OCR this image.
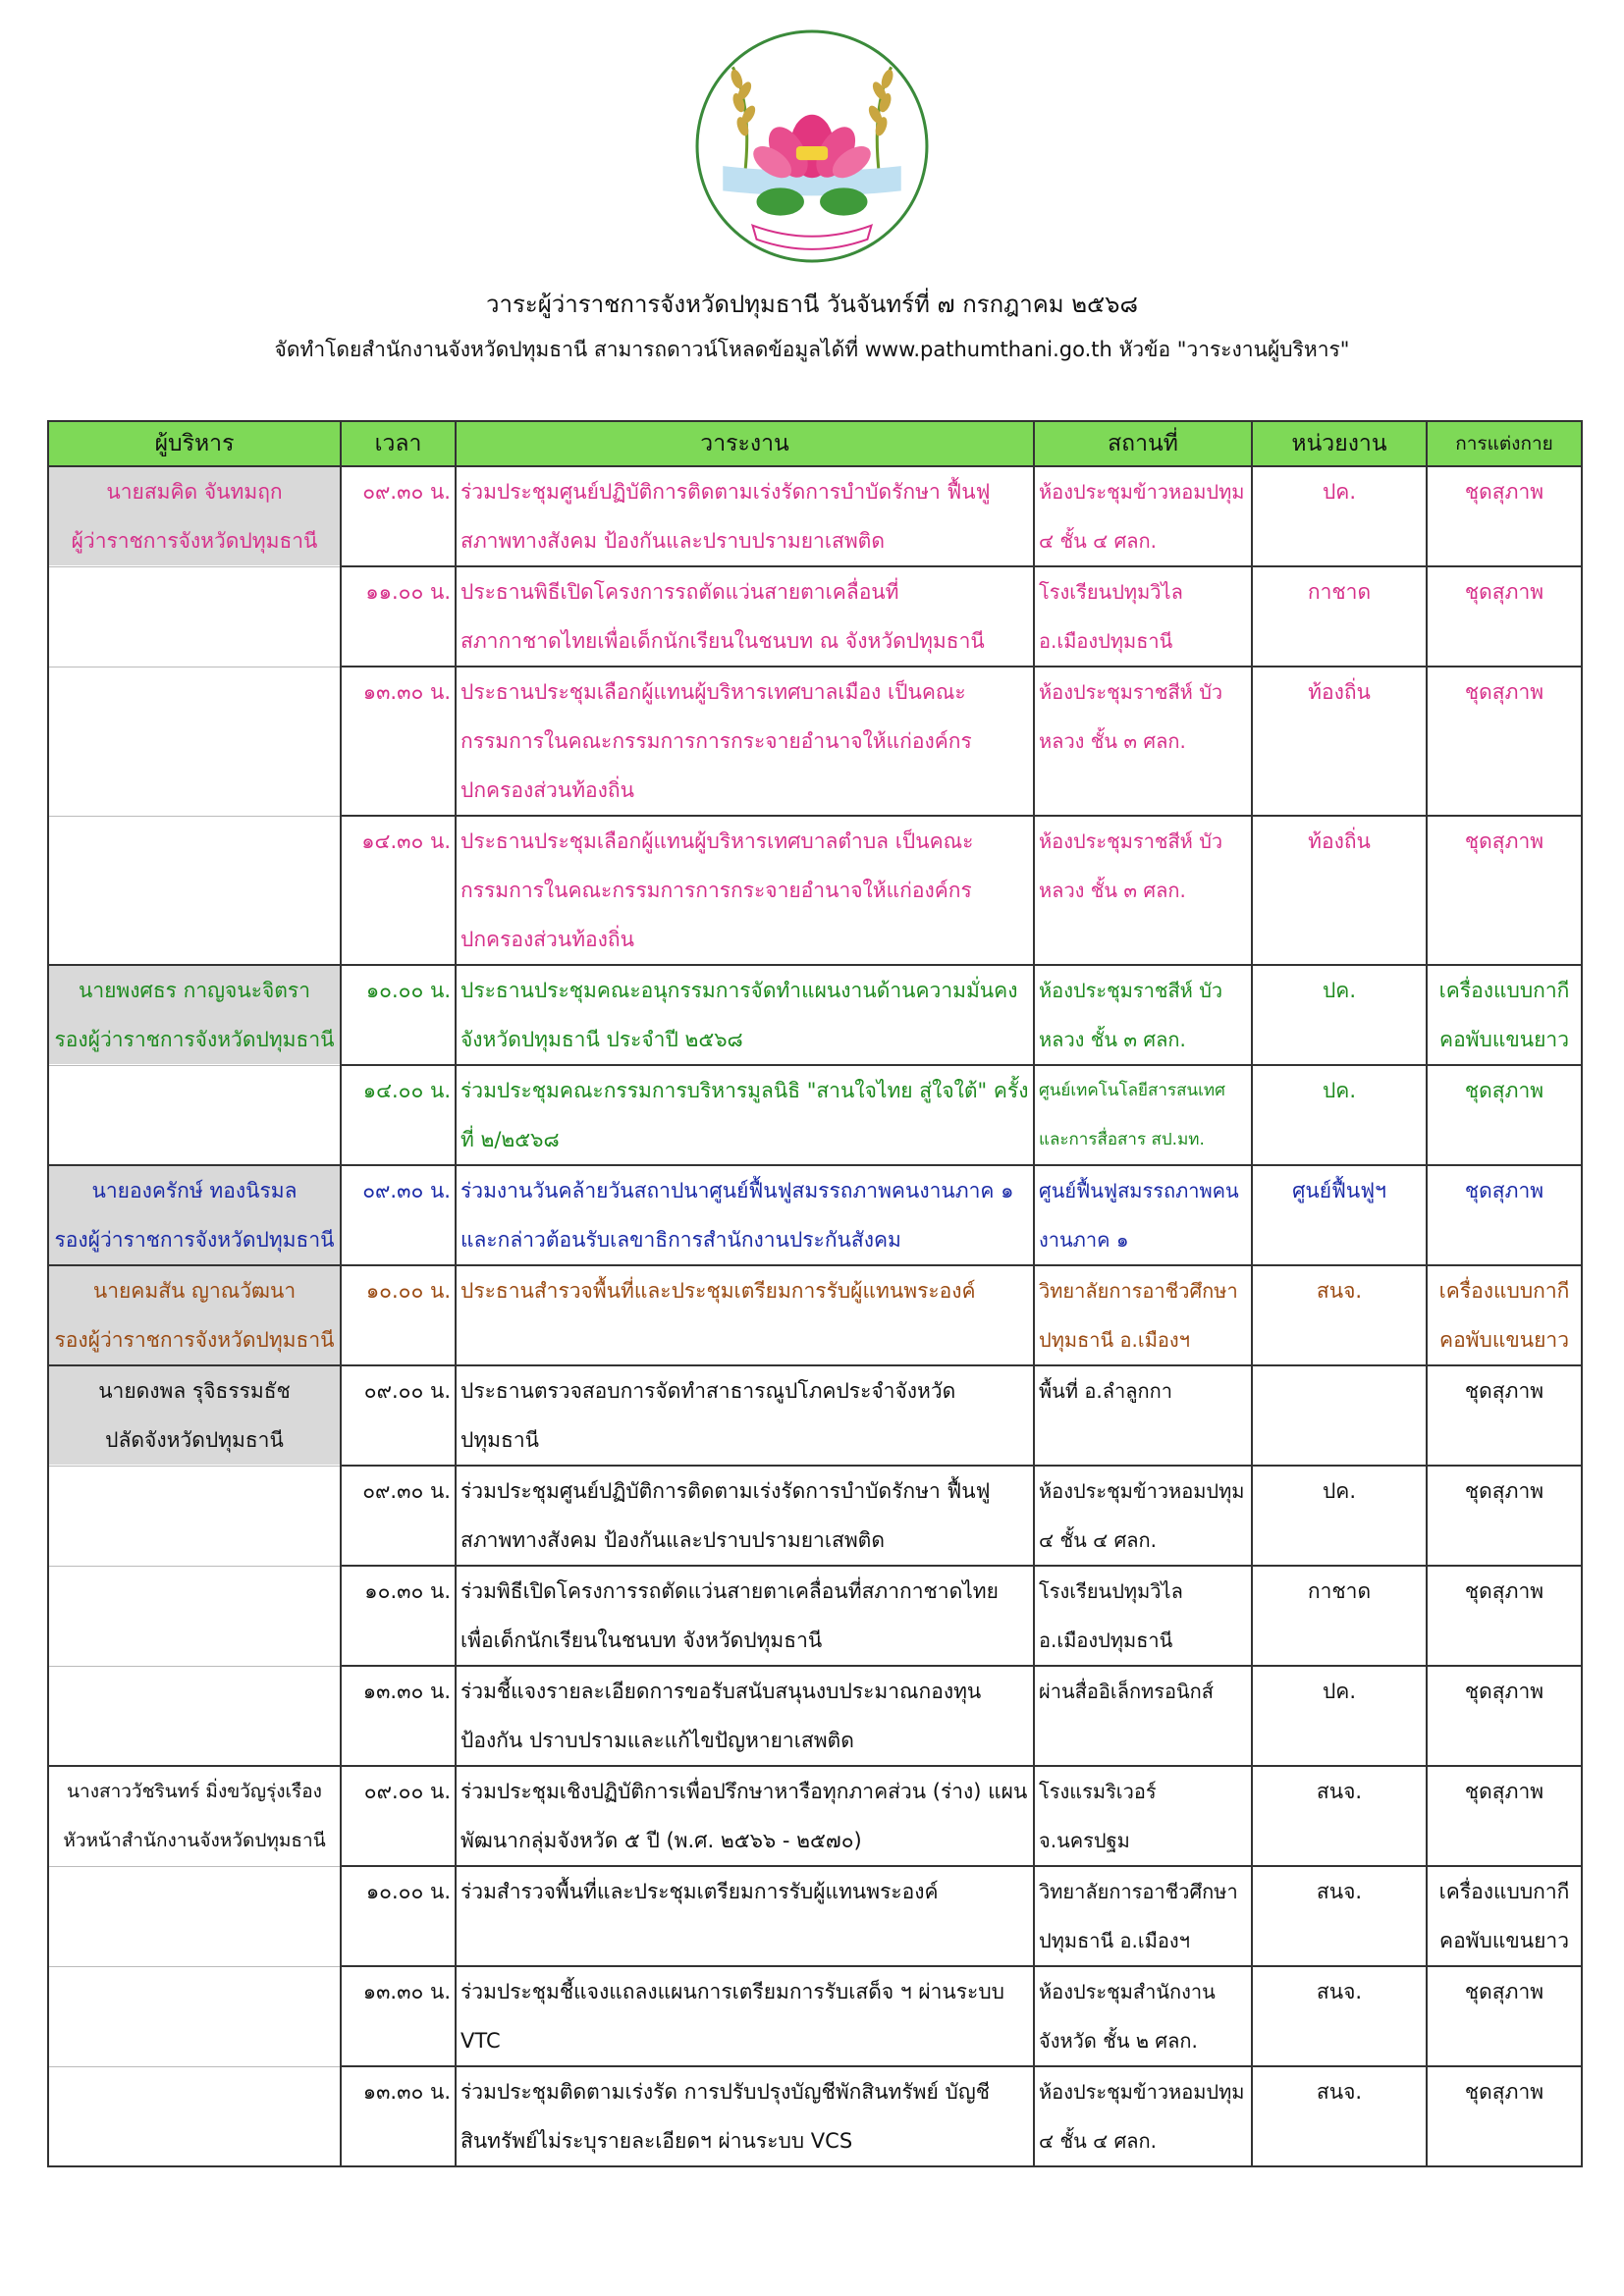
วาระผู้ว่าราชการจังหวัดปทุมธานี วันจันทร์ที่ ๗ กรกฎาคม ๒๕๖๘
จัดทำโดยสำนักงานจังหวัดปทุมธานี สามารถดาวน์โหลดข้อมูลได้ที่ www.pathumthani.go.th หัวข้อ "วาระงานผู้บริหาร"
ผู้บริหาร	เวลา	วาระงาน	สถานที่	หน่วยงาน	การแต่งกาย

นายสมคิด จันทมฤก
ผู้ว่าราชการจังหวัดปทุมธานี	๐๙.๓๐ น.	ร่วมประชุมศูนย์ปฏิบัติการติดตามเร่งรัดการบำบัดรักษา ฟื้นฟูสภาพทางสังคม ป้องกันและปราบปรามยาเสพติด	ห้องประชุมข้าวหอมปทุม ๔ ชั้น ๔ ศลก.	ปค.	ชุดสุภาพ
	๑๑.๐๐ น.	ประธานพิธีเปิดโครงการรถตัดแว่นสายตาเคลื่อนที่สภากาชาดไทยเพื่อเด็กนักเรียนในชนบท ณ จังหวัดปทุมธานี	โรงเรียนปทุมวิไล อ.เมืองปทุมธานี	กาชาด	ชุดสุภาพ
	๑๓.๓๐ น.	ประธานประชุมเลือกผู้แทนผู้บริหารเทศบาลเมือง เป็นคณะกรรมการในคณะกรรมการการกระจายอำนาจให้แก่องค์กรปกครองส่วนท้องถิ่น	ห้องประชุมราชสีห์ บัวหลวง ชั้น ๓ ศลก.	ท้องถิ่น	ชุดสุภาพ
	๑๔.๓๐ น.	ประธานประชุมเลือกผู้แทนผู้บริหารเทศบาลตำบล เป็นคณะกรรมการในคณะกรรมการการกระจายอำนาจให้แก่องค์กรปกครองส่วนท้องถิ่น	ห้องประชุมราชสีห์ บัวหลวง ชั้น ๓ ศลก.	ท้องถิ่น	ชุดสุภาพ

นายพงศธร กาญจนะจิตรา
รองผู้ว่าราชการจังหวัดปทุมธานี	๑๐.๐๐ น.	ประธานประชุมคณะอนุกรรมการจัดทำแผนงานด้านความมั่นคงจังหวัดปทุมธานี ประจำปี ๒๕๖๘	ห้องประชุมราชสีห์ บัวหลวง ชั้น ๓ ศลก.	ปค.	เครื่องแบบกากีคอพับแขนยาว
	๑๔.๐๐ น.	ร่วมประชุมคณะกรรมการบริหารมูลนิธิ "สานใจไทย สู่ใจใต้" ครั้งที่ ๒/๒๕๖๘	ศูนย์เทคโนโลยีสารสนเทศและการสื่อสาร สป.มท.	ปค.	ชุดสุภาพ

นายองครักษ์ ทองนิรมล
รองผู้ว่าราชการจังหวัดปทุมธานี	๐๙.๓๐ น.	ร่วมงานวันคล้ายวันสถาปนาศูนย์ฟื้นฟูสมรรถภาพคนงานภาค ๑ และกล่าวต้อนรับเลขาธิการสำนักงานประกันสังคม	ศูนย์ฟื้นฟูสมรรถภาพคนงานภาค ๑	ศูนย์ฟื้นฟูฯ	ชุดสุภาพ

นายคมสัน ญาณวัฒนา
รองผู้ว่าราชการจังหวัดปทุมธานี	๑๐.๐๐ น.	ประธานสำรวจพื้นที่และประชุมเตรียมการรับผู้แทนพระองค์	วิทยาลัยการอาชีวศึกษาปทุมธานี อ.เมืองฯ	สนจ.	เครื่องแบบกากีคอพับแขนยาว

นายดงพล รุจิธรรมธัช
ปลัดจังหวัดปทุมธานี	๐๙.๐๐ น.	ประธานตรวจสอบการจัดทำสาธารณูปโภคประจำจังหวัดปทุมธานี	พื้นที่ อ.ลำลูกกา		ชุดสุภาพ
	๐๙.๓๐ น.	ร่วมประชุมศูนย์ปฏิบัติการติดตามเร่งรัดการบำบัดรักษา ฟื้นฟูสภาพทางสังคม ป้องกันและปราบปรามยาเสพติด	ห้องประชุมข้าวหอมปทุม ๔ ชั้น ๔ ศลก.	ปค.	ชุดสุภาพ
	๑๐.๓๐ น.	ร่วมพิธีเปิดโครงการรถตัดแว่นสายตาเคลื่อนที่สภากาชาดไทยเพื่อเด็กนักเรียนในชนบท จังหวัดปทุมธานี	โรงเรียนปทุมวิไล อ.เมืองปทุมธานี	กาชาด	ชุดสุภาพ
	๑๓.๓๐ น.	ร่วมชี้แจงรายละเอียดการขอรับสนับสนุนงบประมาณกองทุนป้องกัน ปราบปรามและแก้ไขปัญหายาเสพติด	ผ่านสื่ออิเล็กทรอนิกส์	ปค.	ชุดสุภาพ

นางสาววัชรินทร์ มิ่งขวัญรุ่งเรือง
หัวหน้าสำนักงานจังหวัดปทุมธานี	๐๙.๐๐ น.	ร่วมประชุมเชิงปฏิบัติการเพื่อปรึกษาหารือทุกภาคส่วน (ร่าง) แผนพัฒนากลุ่มจังหวัด ๕ ปี (พ.ศ. ๒๕๖๖ - ๒๕๗๐)	โรงแรมริเวอร์ จ.นครปฐม	สนจ.	ชุดสุภาพ
	๑๐.๐๐ น.	ร่วมสำรวจพื้นที่และประชุมเตรียมการรับผู้แทนพระองค์	วิทยาลัยการอาชีวศึกษาปทุมธานี อ.เมืองฯ	สนจ.	เครื่องแบบกากีคอพับแขนยาว
	๑๓.๓๐ น.	ร่วมประชุมชี้แจงแถลงแผนการเตรียมการรับเสด็จ ฯ ผ่านระบบ VTC	ห้องประชุมสำนักงานจังหวัด ชั้น ๒ ศลก.	สนจ.	ชุดสุภาพ
	๑๓.๓๐ น.	ร่วมประชุมติดตามเร่งรัด การปรับปรุงบัญชีพักสินทรัพย์ บัญชีสินทรัพย์ไม่ระบุรายละเอียดฯ ผ่านระบบ VCS	ห้องประชุมข้าวหอมปทุม ๔ ชั้น ๔ ศลก.	สนจ.	ชุดสุภาพ
